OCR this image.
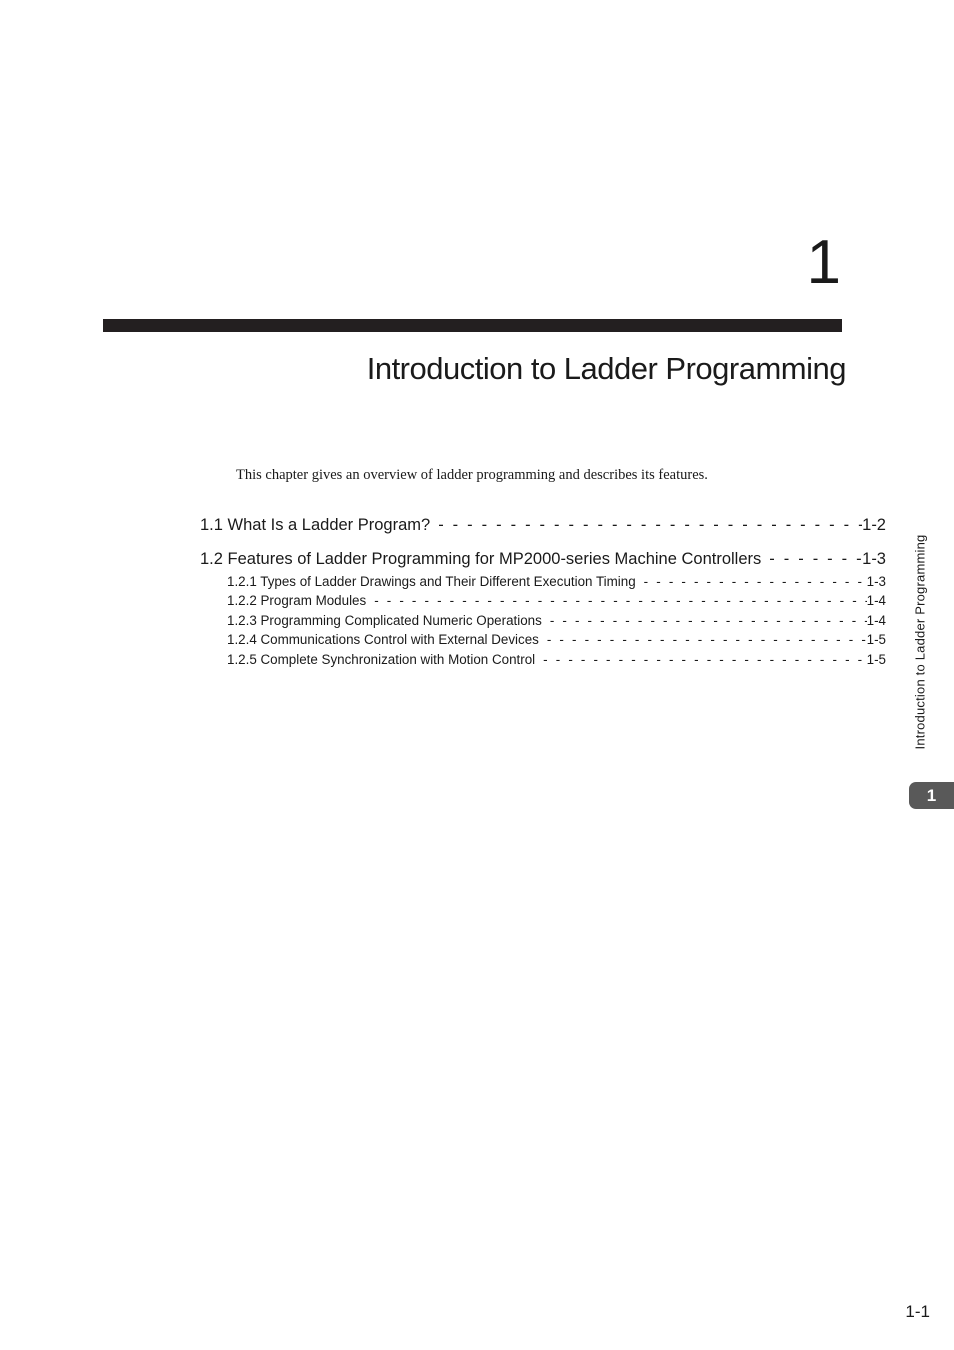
1
Introduction to Ladder Programming

This chapter gives an overview of ladder programming and describes its features.

1.1 What Is a Ladder Program? - - -	1-2
1.2 Features of Ladder Programming for MP2000-series Machine Controllers - - -	1-3
1.2.1 Types of Ladder Drawings and Their Different Execution Timing - - -	1-3
1.2.2 Program Modules - - -	1-4
1.2.3 Programming Complicated Numeric Operations - - -	1-4
1.2.4 Communications Control with External Devices - - -	1-5
1.2.5 Complete Synchronization with Motion Control - - -	1-5 Introduction to Ladder Programming
1
1-1
